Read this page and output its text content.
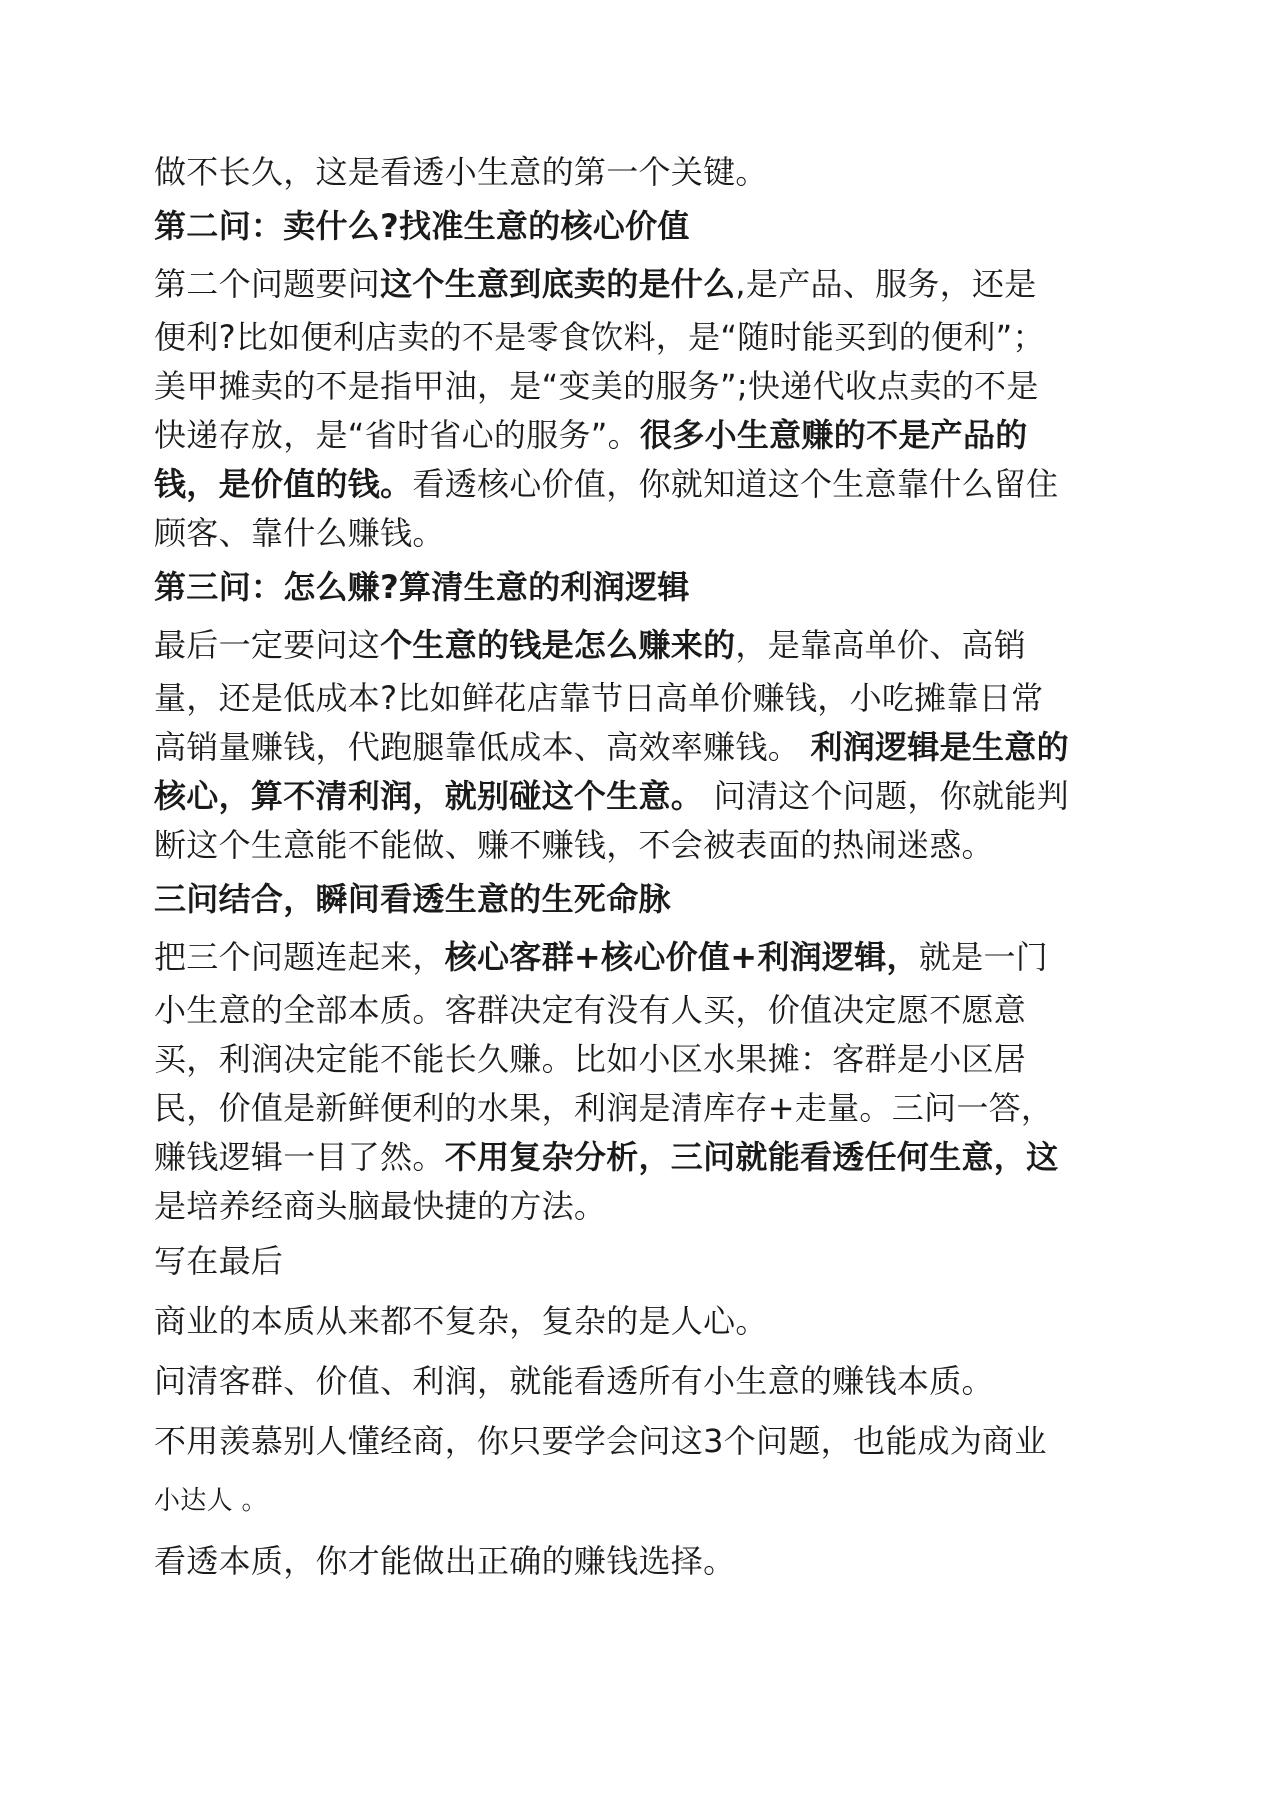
做不长久，这是看透小生意的第一个关键。
第二问：卖什么?找准生意的核心价值
第二个问题要问这个生意到底卖的是什么,是产品、服务，还是
便利?比如便利店卖的不是零食饮料，是“随时能买到的便利”；
美甲摊卖的不是指甲油，是“变美的服务”;快递代收点卖的不是
快递存放，是“省时省心的服务”。很多小生意赚的不是产品的
钱，是价值的钱。看透核心价值，你就知道这个生意靠什么留住
顾客、靠什么赚钱。
第三问：怎么赚?算清生意的利润逻辑
最后一定要问这个生意的钱是怎么赚来的，是靠高单价、高销
量，还是低成本?比如鲜花店靠节日高单价赚钱，小吃摊靠日常
高销量赚钱，代跑腿靠低成本、高效率赚钱。 利润逻辑是生意的
核心，算不清利润，就别碰这个生意。 问清这个问题，你就能判
断这个生意能不能做、赚不赚钱，不会被表面的热闹迷惑。
三问结合，瞬间看透生意的生死命脉
把三个问题连起来，核心客群+核心价值+利润逻辑，就是一门
小生意的全部本质。客群决定有没有人买，价值决定愿不愿意
买，利润决定能不能长久赚。比如小区水果摊：客群是小区居
民，价值是新鲜便利的水果，利润是清库存+走量。三问一答，
赚钱逻辑一目了然。不用复杂分析，三问就能看透任何生意，这
是培养经商头脑最快捷的方法。
写在最后
商业的本质从来都不复杂，复杂的是人心。
问清客群、价值、利润，就能看透所有小生意的赚钱本质。
不用羡慕别人懂经商，你只要学会问这3个问题，也能成为商业
小达人 。
看透本质，你才能做出正确的赚钱选择。
